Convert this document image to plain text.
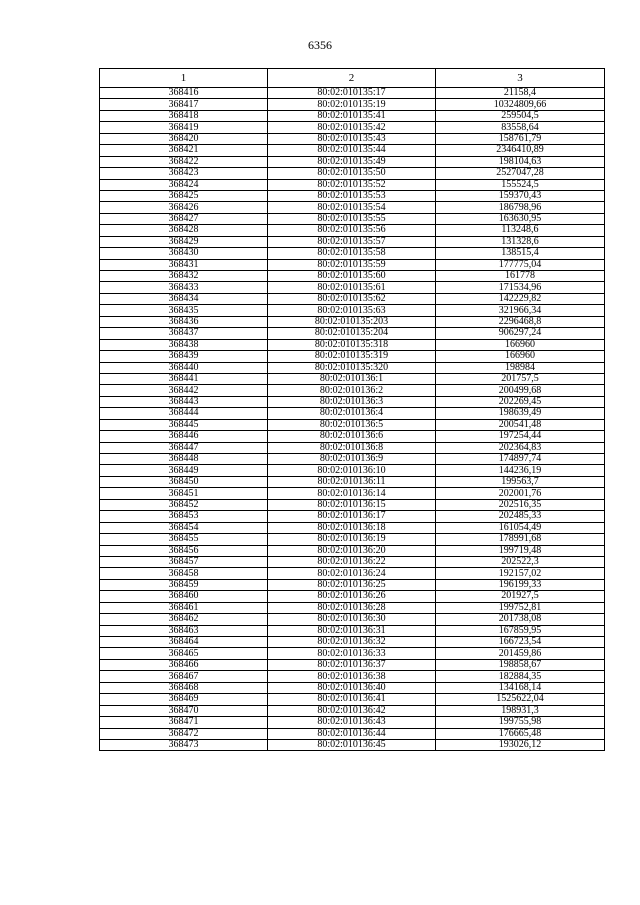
6356
1	2	3
368416	80:02:010135:17	21158,4
368417	80:02:010135:19	10324809,66
368418	80:02:010135:41	259504,5
368419	80:02:010135:42	83558,64
368420	80:02:010135:43	158761,79
368421	80:02:010135:44	2346410,89
368422	80:02:010135:49	198104,63
368423	80:02:010135:50	2527047,28
368424	80:02:010135:52	155524,5
368425	80:02:010135:53	159370,43
368426	80:02:010135:54	186798,96
368427	80:02:010135:55	163630,95
368428	80:02:010135:56	113248,6
368429	80:02:010135:57	131328,6
368430	80:02:010135:58	138515,4
368431	80:02:010135:59	177775,04
368432	80:02:010135:60	161778
368433	80:02:010135:61	171534,96
368434	80:02:010135:62	142229,82
368435	80:02:010135:63	321966,34
368436	80:02:010135:203	2296468,8
368437	80:02:010135:204	906297,24
368438	80:02:010135:318	166960
368439	80:02:010135:319	166960
368440	80:02:010135:320	198984
368441	80:02:010136:1	201757,5
368442	80:02:010136:2	200499,68
368443	80:02:010136:3	202269,45
368444	80:02:010136:4	198639,49
368445	80:02:010136:5	200541,48
368446	80:02:010136:6	197254,44
368447	80:02:010136:8	202364,83
368448	80:02:010136:9	174897,74
368449	80:02:010136:10	144236,19
368450	80:02:010136:11	199563,7
368451	80:02:010136:14	202001,76
368452	80:02:010136:15	202516,35
368453	80:02:010136:17	202485,33
368454	80:02:010136:18	161054,49
368455	80:02:010136:19	178991,68
368456	80:02:010136:20	199719,48
368457	80:02:010136:22	202522,3
368458	80:02:010136:24	192157,02
368459	80:02:010136:25	196199,33
368460	80:02:010136:26	201927,5
368461	80:02:010136:28	199752,81
368462	80:02:010136:30	201738,08
368463	80:02:010136:31	167859,95
368464	80:02:010136:32	166723,54
368465	80:02:010136:33	201459,86
368466	80:02:010136:37	198858,67
368467	80:02:010136:38	182884,35
368468	80:02:010136:40	134168,14
368469	80:02:010136:41	1525622,04
368470	80:02:010136:42	198931,3
368471	80:02:010136:43	199755,98
368472	80:02:010136:44	176665,48
368473	80:02:010136:45	193026,12
